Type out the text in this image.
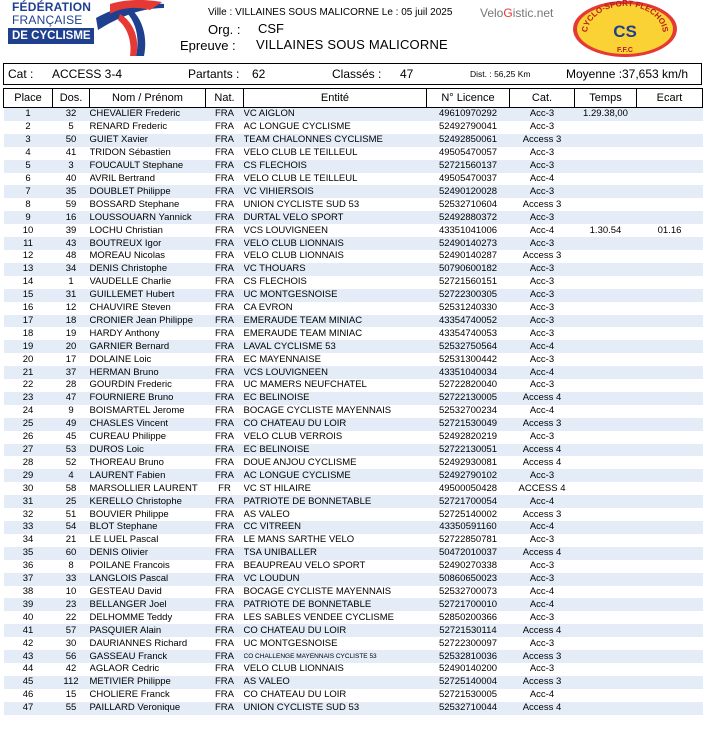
FÉDÉRATION
FRANÇAISE
DE CYCLISME
Ville : VILLAINES SOUS MALICORNE Le : 05 juil 2025
Org. : CSF
Epreuve : VILLAINES SOUS MALICORNE
VeloGistic.net
CYCLO-SPORT FLECHOIS
CS
F.F.C
Cat : ACCESS 3-4	Partants : 62	Classés : 47	Dist. : 56,25 Km	Moyenne : 37,653 km/h
Place	Dos.	Nom / Prénom	Nat.	Entité	N° Licence	Cat.	Temps	Ecart
1	32	CHEVALIER Frederic	FRA	VC AIGLON	49610970292	Acc-3	1.29.38,00	
2	5	RENARD Frederic	FRA	AC LONGUE CYCLISME	52492790041	Acc-3		
3	50	GUIET Xavier	FRA	TEAM CHALONNES CYCLISME	52492850061	Access 3		
4	41	TRIDON Sébastien	FRA	VELO CLUB LE TEILLEUL	49505470057	Acc-3		
5	3	FOUCAULT Stephane	FRA	CS FLECHOIS	52721560137	Acc-3		
6	40	AVRIL Bertrand	FRA	VELO CLUB LE TEILLEUL	49505470037	Acc-4		
7	35	DOUBLET Philippe	FRA	VC VIHIERSOIS	52490120028	Acc-3		
8	59	BOSSARD Stephane	FRA	UNION CYCLISTE SUD 53	52532710604	Access 3		
9	16	LOUSSOUARN Yannick	FRA	DURTAL VELO SPORT	52492880372	Acc-3		
10	39	LOCHU Christian	FRA	VCS LOUVIGNEEN	43351041006	Acc-4	1.30.54	01.16
11	43	BOUTREUX Igor	FRA	VELO CLUB LIONNAIS	52490140273	Acc-3		
12	48	MOREAU Nicolas	FRA	VELO CLUB LIONNAIS	52490140287	Access 3		
13	34	DENIS Christophe	FRA	VC THOUARS	50790600182	Acc-3		
14	1	VAUDELLE Charlie	FRA	CS FLECHOIS	52721560151	Acc-3		
15	31	GUILLEMET Hubert	FRA	UC MONTGESNOISE	52722300305	Acc-3		
16	12	CHAUVIRE Steven	FRA	CA EVRON	52531240330	Acc-3		
17	18	CRONIER Jean Philippe	FRA	EMERAUDE TEAM MINIAC	43354740052	Acc-3		
18	19	HARDY Anthony	FRA	EMERAUDE TEAM MINIAC	43354740053	Acc-3		
19	20	GARNIER Bernard	FRA	LAVAL CYCLISME 53	52532750564	Acc-4		
20	17	DOLAINE Loic	FRA	EC MAYENNAISE	52531300442	Acc-3		
21	37	HERMAN Bruno	FRA	VCS LOUVIGNEEN	43351040034	Acc-4		
22	28	GOURDIN Frederic	FRA	UC MAMERS NEUFCHATEL	52722820040	Acc-3		
23	47	FOURNIERE Bruno	FRA	EC BELINOISE	52722130005	Access 4		
24	9	BOISMARTEL Jerome	FRA	BOCAGE CYCLISTE MAYENNAIS	52532700234	Acc-4		
25	49	CHASLES Vincent	FRA	CO CHATEAU DU LOIR	52721530049	Access 3		
26	45	CUREAU Philippe	FRA	VELO CLUB VERROIS	52492820219	Acc-3		
27	53	DUROS Loic	FRA	EC BELINOISE	52722130051	Access 4		
28	52	THOREAU Bruno	FRA	DOUE ANJOU CYCLISME	52492930081	Access 4		
29	4	LAURENT Fabien	FRA	AC LONGUE CYCLISME	52492790102	Acc-3		
30	58	MARSOLLIER LAURENT	FR	VC ST HILAIRE	49500050428	ACCESS 4		
31	25	KERELLO Christophe	FRA	PATRIOTE DE BONNETABLE	52721700054	Acc-4		
32	51	BOUVIER Philippe	FRA	AS VALEO	52725140002	Access 3		
33	54	BLOT Stephane	FRA	CC VITREEN	43350591160	Acc-4		
34	21	LE LUEL Pascal	FRA	LE MANS SARTHE VELO	52722850781	Acc-3		
35	60	DENIS Olivier	FRA	TSA UNIBALLER	50472010037	Access 4		
36	8	POILANE Francois	FRA	BEAUPREAU VELO SPORT	52490270338	Acc-3		
37	33	LANGLOIS Pascal	FRA	VC LOUDUN	50860650023	Acc-3		
38	10	GESTEAU David	FRA	BOCAGE CYCLISTE MAYENNAIS	52532700073	Acc-4		
39	23	BELLANGER Joel	FRA	PATRIOTE DE BONNETABLE	52721700010	Acc-4		
40	22	DELHOMME Teddy	FRA	LES SABLES VENDEE CYCLISME	52850200366	Acc-3		
41	57	PASQUIER Alain	FRA	CO CHATEAU DU LOIR	52721530114	Access 4		
42	30	DAURIANNES Richard	FRA	UC MONTGESNOISE	52722300097	Acc-3		
43	56	GASSEAU Franck	FRA	CO CHALLENGE MAYENNAIS CYCLISTE 53	52532810036	Access 3		
44	42	AGLAOR Cedric	FRA	VELO CLUB LIONNAIS	52490140200	Acc-3		
45	112	METIVIER Philippe	FRA	AS VALEO	52725140004	Access 3		
46	15	CHOLIERE Franck	FRA	CO CHATEAU DU LOIR	52721530005	Acc-4		
47	55	PAILLARD Veronique	FRA	UNION CYCLISTE SUD 53	52532710044	Access 4		
